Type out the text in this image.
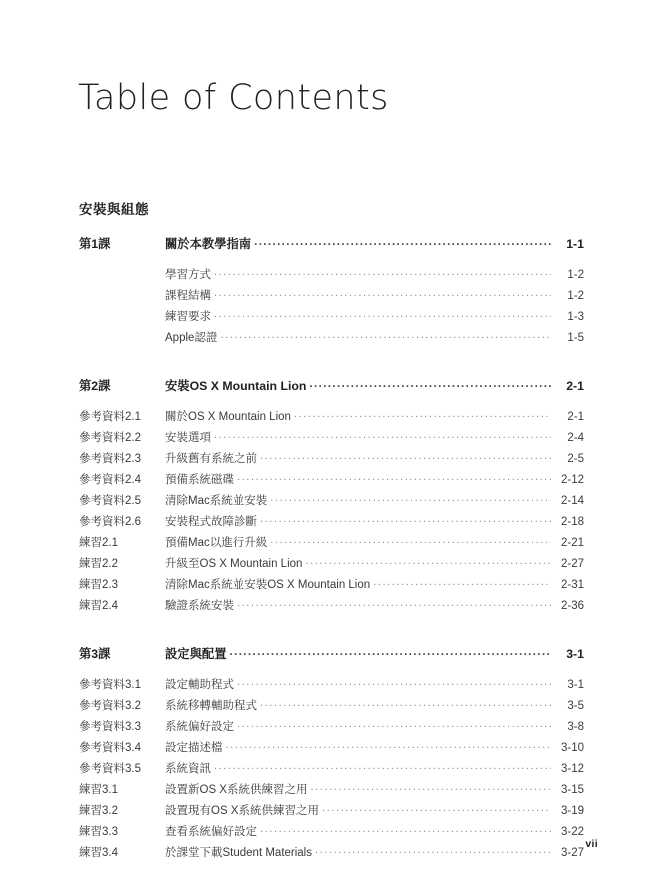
Table of Contents
安裝與組態
第1課	關於本教學指南 .....	1-1
學習方式 .....	1-2
課程結構 .....	1-2
練習要求 .....	1-3
Apple認證 .....	1-5
第2課	安裝OS X Mountain Lion .....	2-1
參考資料2.1	關於OS X Mountain Lion .....	2-1
參考資料2.2	安裝選項 .....	2-4
參考資料2.3	升級舊有系統之前 .....	2-5
參考資料2.4	預備系統磁碟 .....	2-12
參考資料2.5	清除Mac系統並安裝 .....	2-14
參考資料2.6	安裝程式故障診斷 .....	2-18
練習2.1	預備Mac以進行升級 .....	2-21
練習2.2	升級至OS X Mountain Lion .....	2-27
練習2.3	清除Mac系統並安裝OS X Mountain Lion .....	2-31
練習2.4	驗證系統安裝 .....	2-36
第3課	設定與配置 .....	3-1
參考資料3.1	設定輔助程式 .....	3-1
參考資料3.2	系統移轉輔助程式 .....	3-5
參考資料3.3	系統偏好設定 .....	3-8
參考資料3.4	設定描述檔 .....	3-10
參考資料3.5	系統資訊 .....	3-12
練習3.1	設置新OS X系統供練習之用 .....	3-15
練習3.2	設置現有OS X系統供練習之用 .....	3-19
練習3.3	查看系統偏好設定 .....	3-22
練習3.4	於課堂下載Student Materials .....	3-27
vii
